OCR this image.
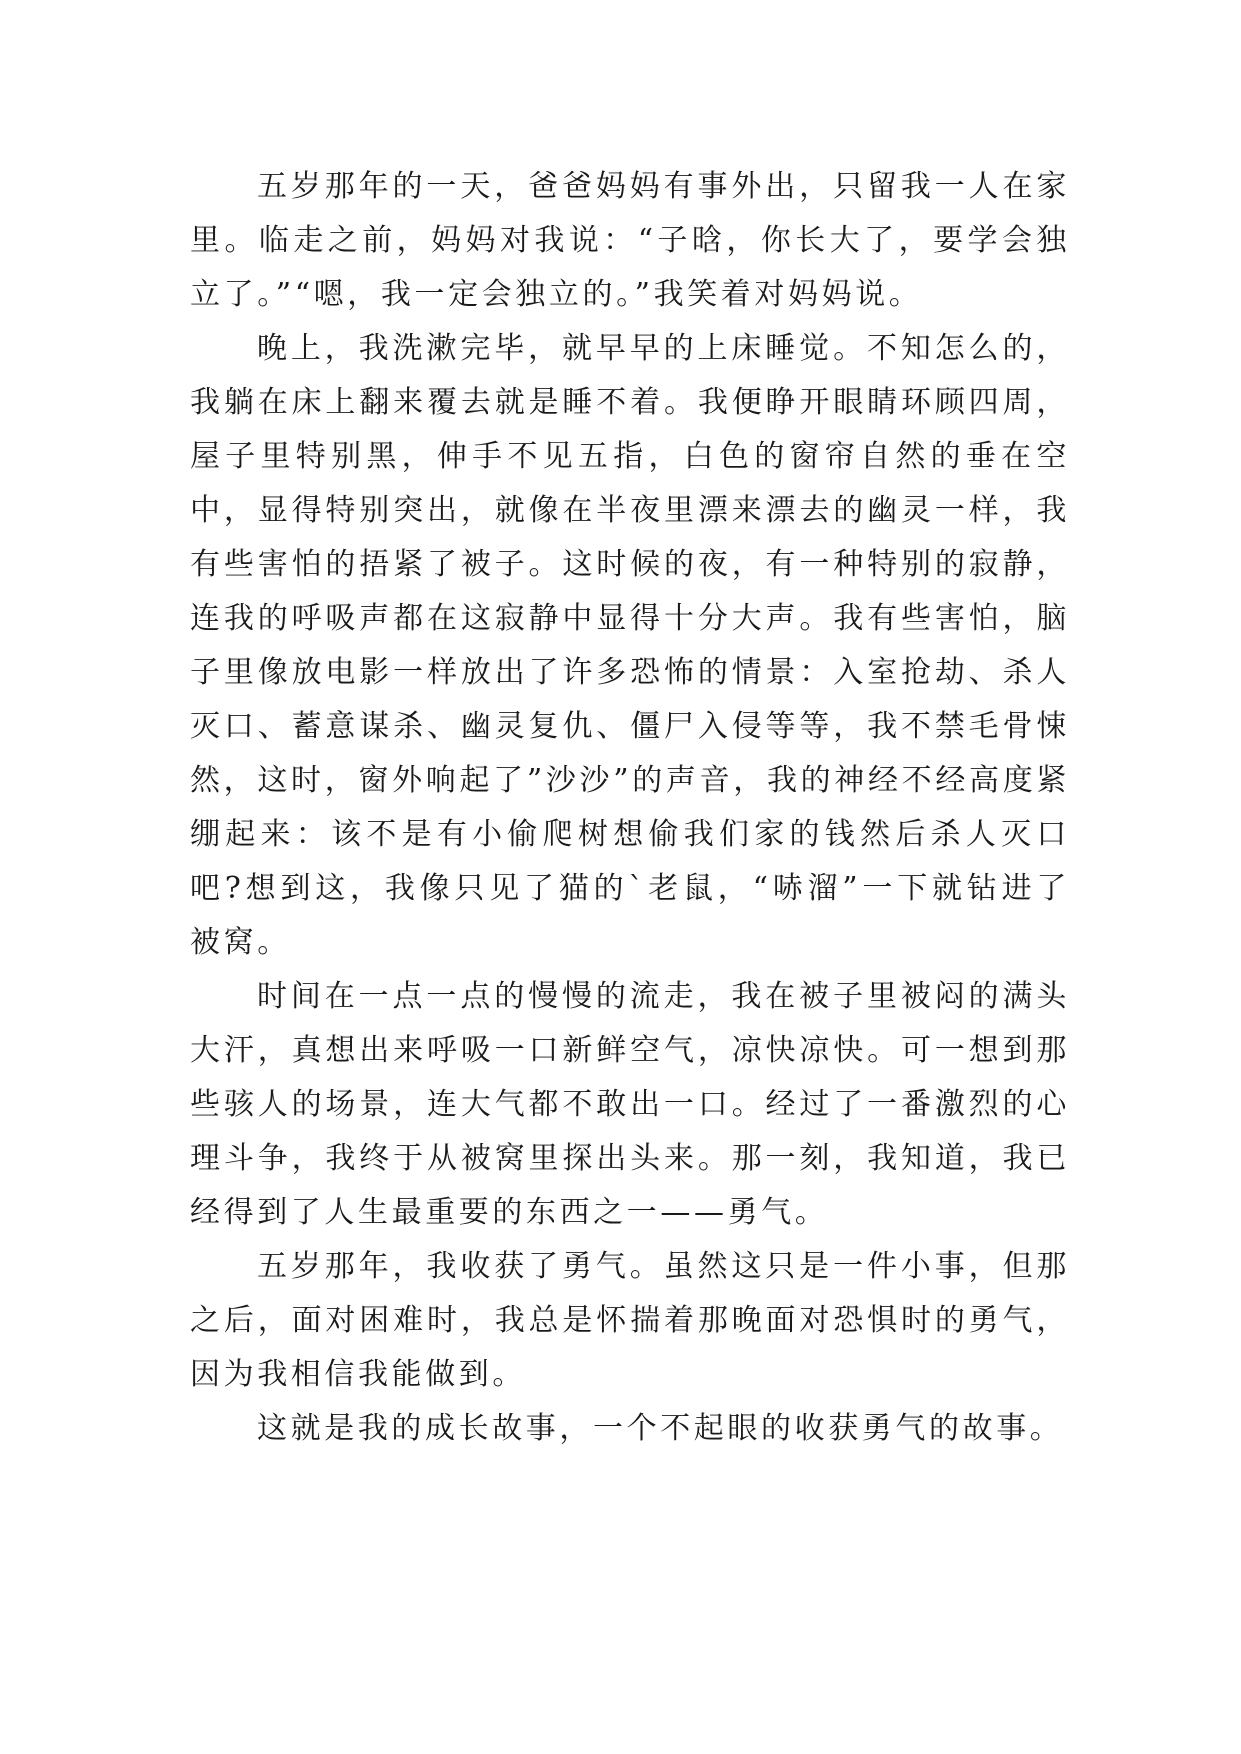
五岁那年的一天，爸爸妈妈有事外出，只留我一人在家里。临走之前，妈妈对我说：“子晗，你长大了，要学会独立了。”“嗯，我一定会独立的。”我笑着对妈妈说。

晚上，我洗漱完毕，就早早的上床睡觉。不知怎么的，我躺在床上翻来覆去就是睡不着。我便睁开眼睛环顾四周，屋子里特别黑，伸手不见五指，白色的窗帘自然的垂在空中，显得特别突出，就像在半夜里漂来漂去的幽灵一样，我有些害怕的捂紧了被子。这时候的夜，有一种特别的寂静，连我的呼吸声都在这寂静中显得十分大声。我有些害怕，脑子里像放电影一样放出了许多恐怖的情景：入室抢劫、杀人灭口、蓄意谋杀、幽灵复仇、僵尸入侵等等，我不禁毛骨悚然，这时，窗外响起了”沙沙”的声音，我的神经不经高度紧绷起来：该不是有小偷爬树想偷我们家的钱然后杀人灭口吧?想到这，我像只见了猫的`老鼠，“哧溜”一下就钻进了被窝。

时间在一点一点的慢慢的流走，我在被子里被闷的满头大汗，真想出来呼吸一口新鲜空气，凉快凉快。可一想到那些骇人的场景，连大气都不敢出一口。经过了一番激烈的心理斗争，我终于从被窝里探出头来。那一刻，我知道，我已经得到了人生最重要的东西之一——勇气。

五岁那年，我收获了勇气。虽然这只是一件小事，但那之后，面对困难时，我总是怀揣着那晚面对恐惧时的勇气，因为我相信我能做到。

这就是我的成长故事，一个不起眼的收获勇气的故事。
